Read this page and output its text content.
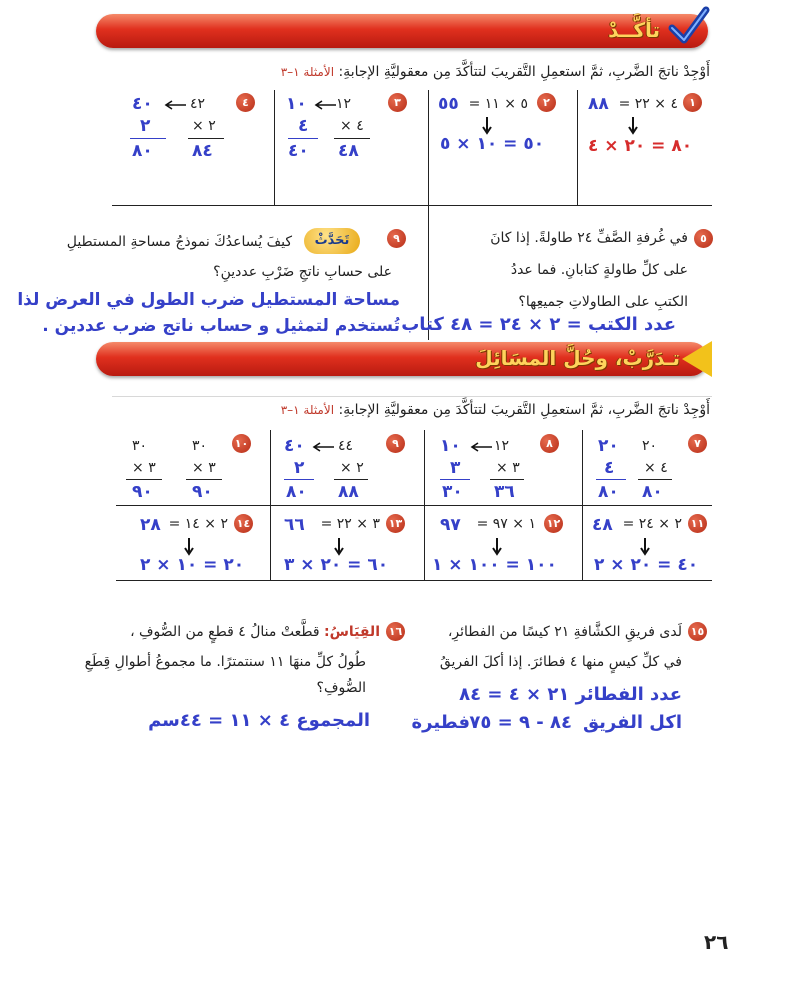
تأكَّــدْ
أَوْجِدْ ناتجَ الضَّربِ، ثمَّ استعمِلِ التَّقريبَ لتتأكَّدَ مِن معقوليَّةِ الإجابةِ: الأمثلة ١–٣
١
٤ × ٢٢ =
٨٨
٨٠ = ٢٠ × ٤
٢
٥ × ١١ =
٥٥
٥٠ = ١٠ × ٥
٣
١٢
٤ ×
٤٨
١٠
٤
٤٠
٤
٤٢
٢ ×
٨٤
٤٠
٢
٨٠
٥
في غُرفةِ الصَّفِّ ٢٤ طاولةً. إذا كانَ
على كلِّ طاولةٍ كتابانِ. فما عددُ
الكتبِ على الطاولاتِ جميعِها؟
عدد الكتب = ٢ × ٢٤ = ٤٨ كتاب
٩
تَحَدَّثْ
كيفَ يُساعدُكَ نموذجُ مساحةِ المستطيلِ
على حسابِ ناتجِ ضَرْبِ عددينِ؟
مساحة المستطيل ضرب الطول في العرض لذا
تُستخدم لتمثيل و حساب ناتج ضرب عددين .
تـدَرَّبْ، وحُلَّ المسَائِلَ
أَوْجِدْ ناتجَ الضَّربِ، ثمَّ استعمِلِ التَّقريبَ لتتأكَّدَ مِن معقوليَّةِ الإجابةِ: الأمثلة ١–٣
٧
٢٠
٤ ×
٨٠
٢٠
٤
٨٠
٨
١٢
٣ ×
٣٦
١٠
٣
٣٠
٩
٤٤
٢ ×
٨٨
٤٠
٢
٨٠
١٠
٣٠
٣ ×
٩٠
٣٠
٣ ×
٩٠
١١
٢ × ٢٤ =
٤٨
٤٠ = ٢٠ × ٢
١٢
١ × ٩٧ =
٩٧
١٠٠ = ١٠٠ × ١
١٣
٣ × ٢٢ =
٦٦
٦٠ = ٢٠ × ٣
١٤
٢ × ١٤ =
٢٨
٢٠ = ١٠ × ٢
١٥
لَدى فريقِ الكشَّافةِ ٢١ كيسًا من الفطائرِ،
في كلِّ كيسٍ منها ٤ فطائرَ. إذا أكلَ الفريقُ
عدد الفطائر ٢١ × ٤ = ٨٤
اكل الفريق
٨٤ - ٩ = ٧٥
فطيرة
١٦
القِيَاسُ: قطَّعتْ منالُ ٤ قطعٍ من الصُّوفِ ،
طُولُ كلِّ منهَا ١١ سنتمترًا. ما مجموعُ أطوالِ قِطَعِ
الصُّوفِ؟
المجموع ٤ × ١١ = ٤٤سم
٢٦
